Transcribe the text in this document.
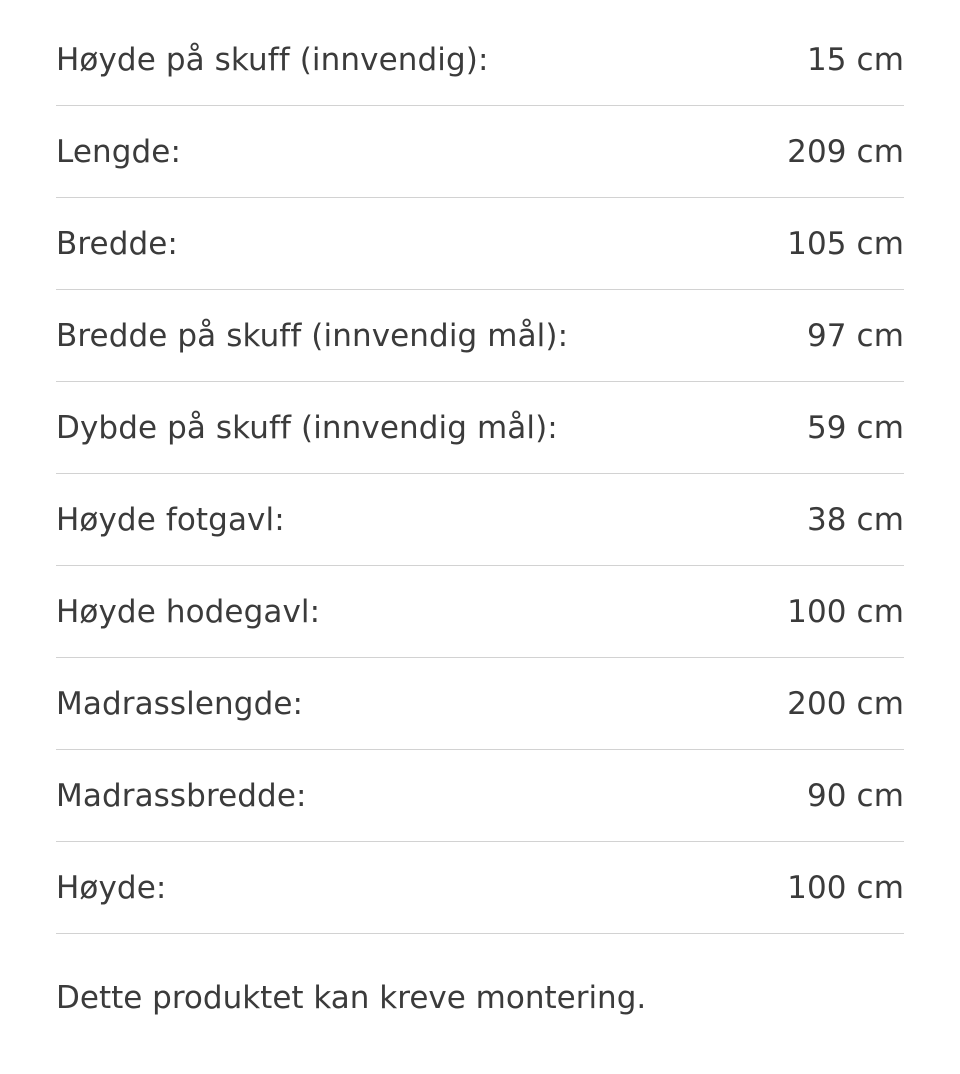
Høyde på skuff (innvendig):	15 cm
Lengde:	209 cm
Bredde:	105 cm
Bredde på skuff (innvendig mål):	97 cm
Dybde på skuff (innvendig mål):	59 cm
Høyde fotgavl:	38 cm
Høyde hodegavl:	100 cm
Madrasslengde:	200 cm
Madrassbredde:	90 cm
Høyde:	100 cm
Dette produktet kan kreve montering.
